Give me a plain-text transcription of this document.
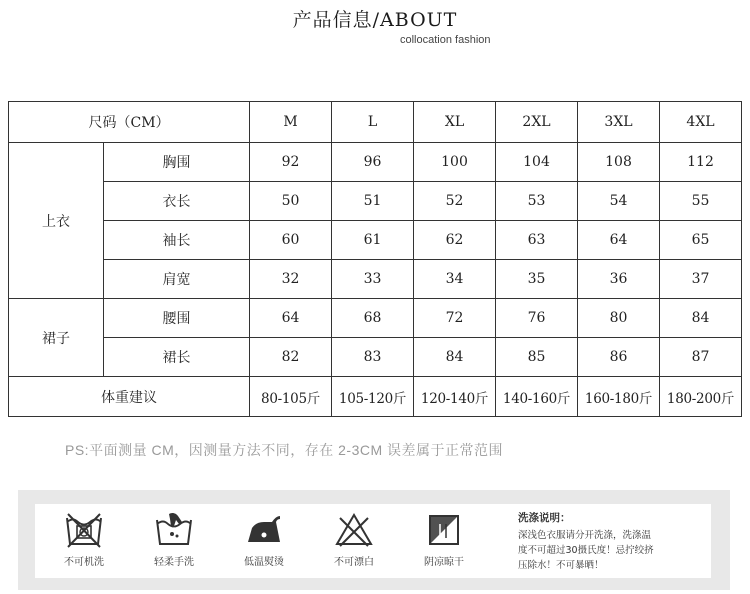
产品信息/ABOUT
collocation fashion
尺码（CM）		M	L	XL	2XL	3XL	4XL
上衣	胸围	92	96	100	104	108	112
	衣长	50	51	52	53	54	55
	袖长	60	61	62	63	64	65
	肩宽	32	33	34	35	36	37
裙子	腰围	64	68	72	76	80	84
	裙长	82	83	84	85	86	87
体重建议		80-105斤	105-120斤	120-140斤	140-160斤	160-180斤	180-200斤
PS:平面测量 CM，因测量方法不同，存在 2-3CM 误差属于正常范围
不可机洗	轻柔手洗	低温熨烫	不可漂白	阴凉晾干
洗涤说明：
深浅色衣服请分开洗涤，洗涤温
度不可超过30摄氏度！忌拧绞挤
压除水！不可暴晒！
